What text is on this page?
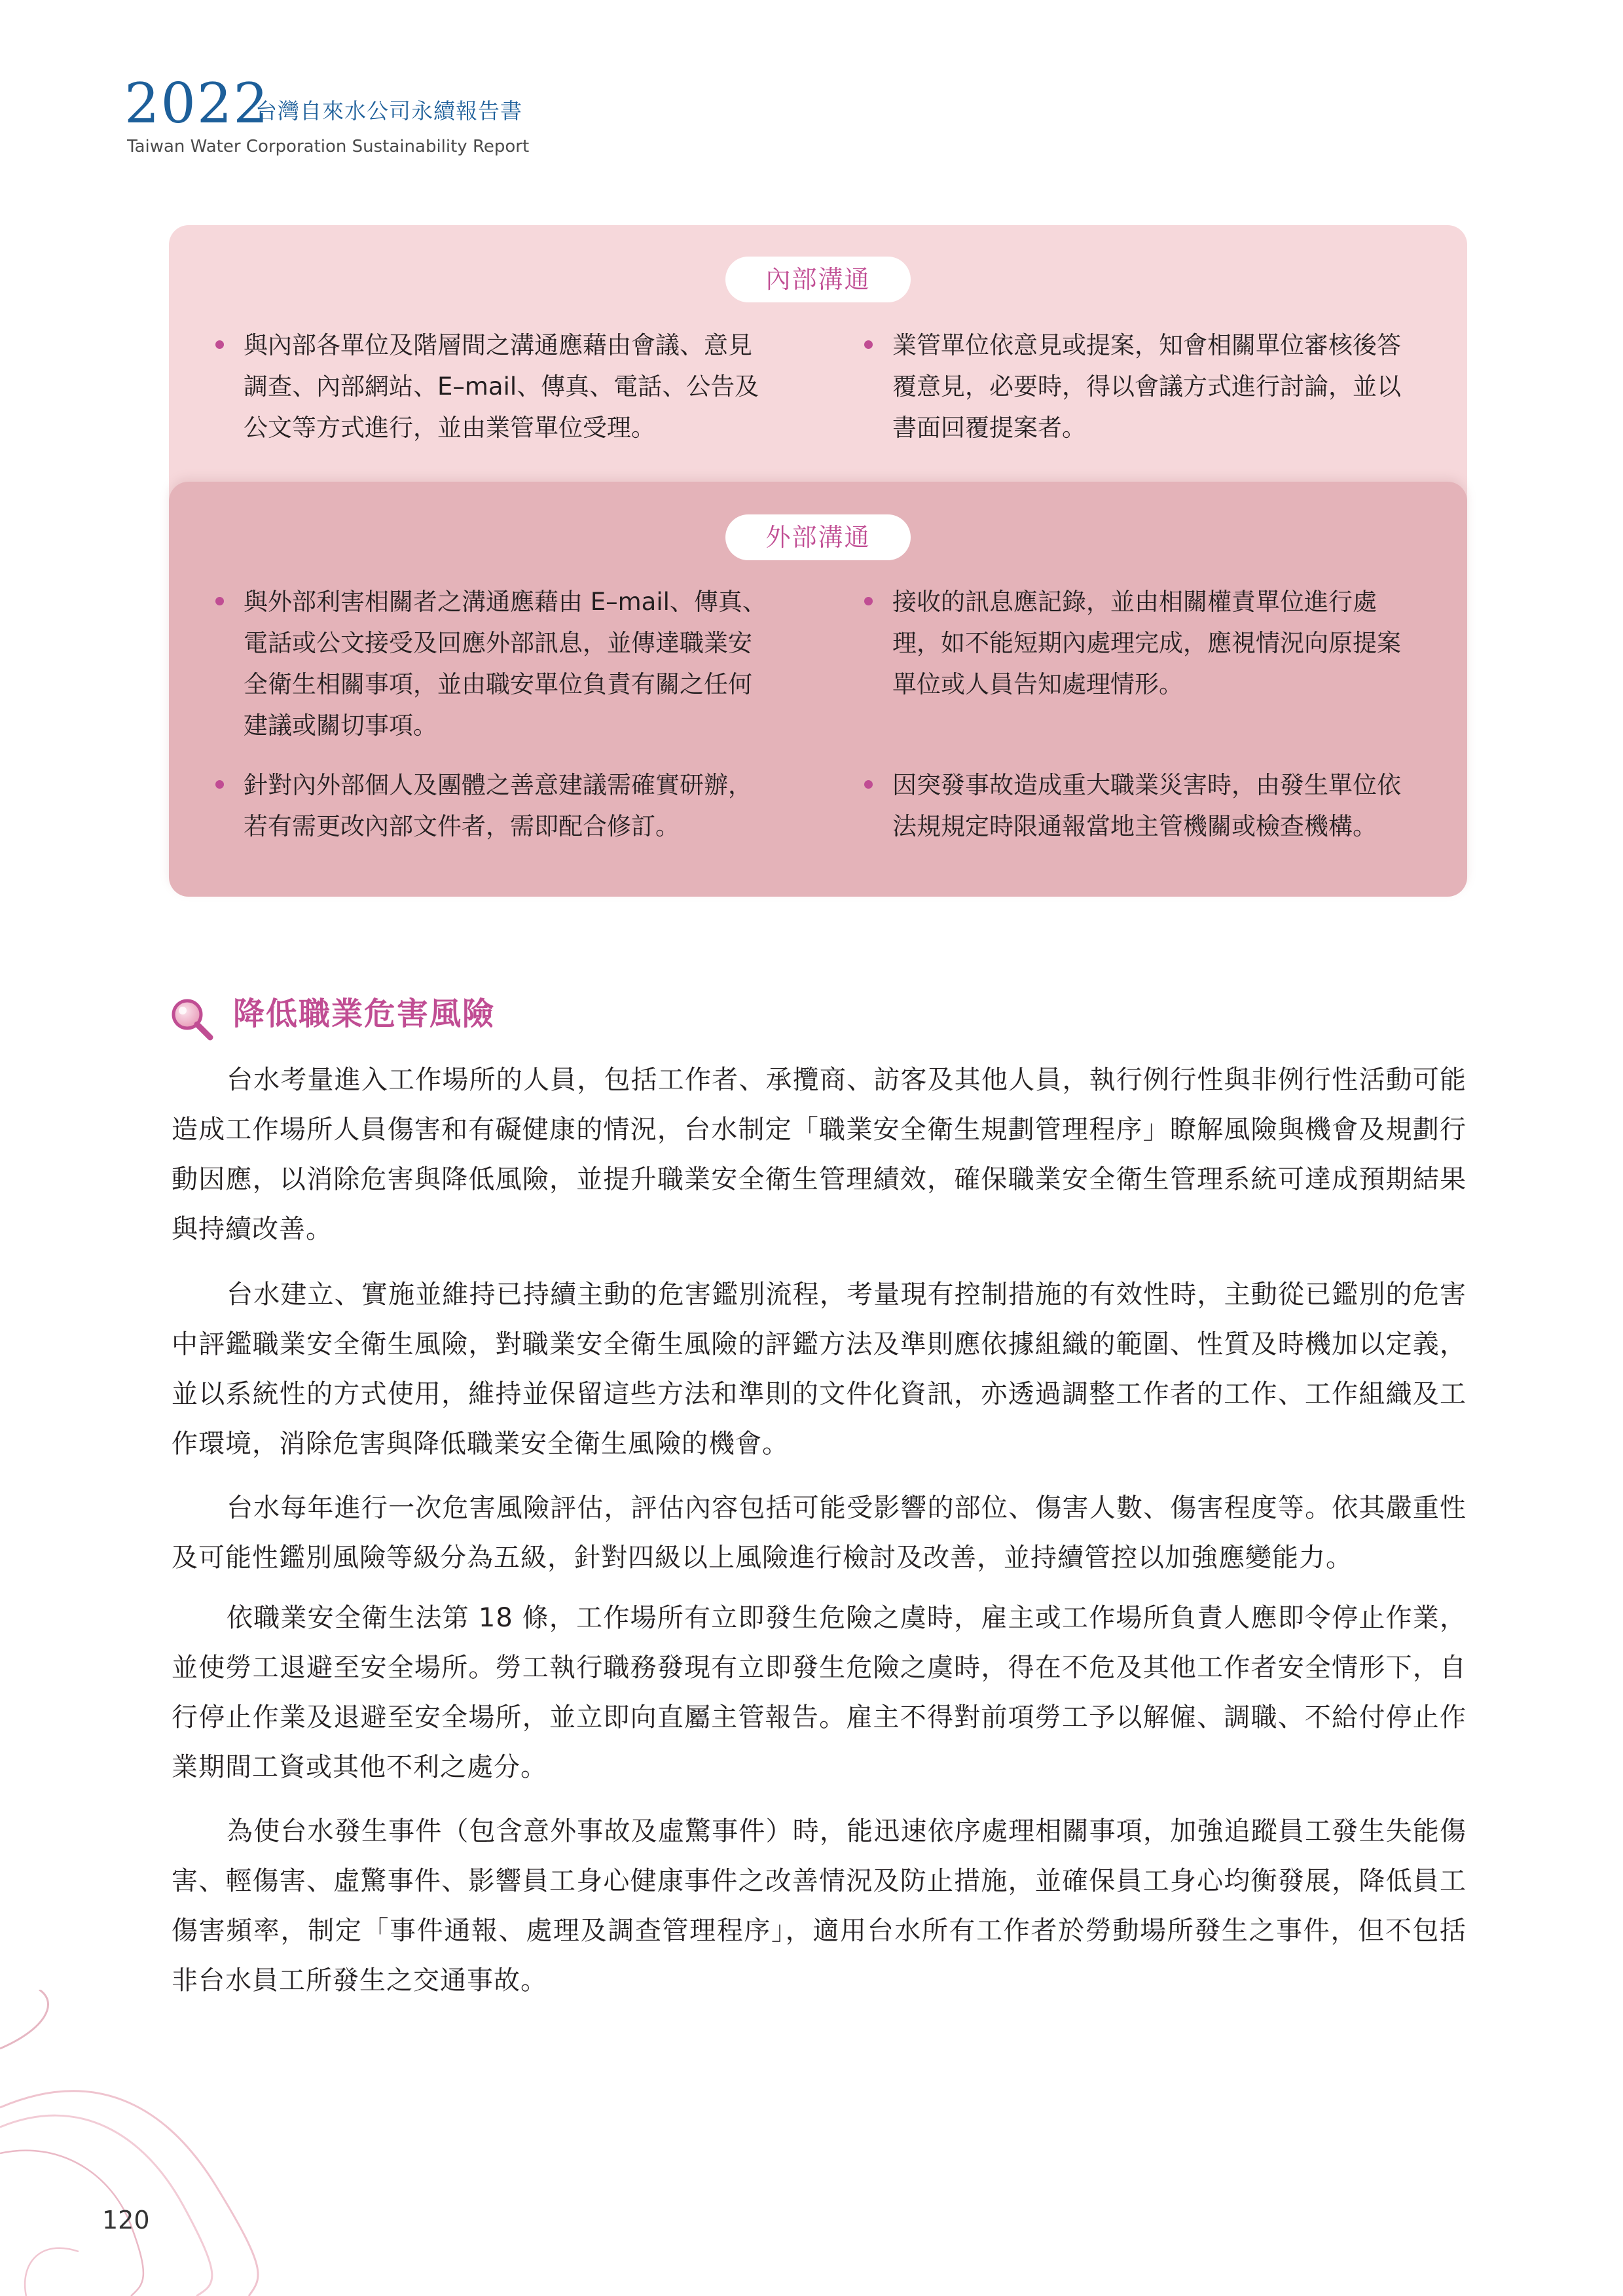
2022
台灣自來水公司永續報告書
Taiwan Water Corporation Sustainability Report
內部溝通
與內部各單位及階層間之溝通應藉由會議、意見調查、內部網站、E–mail、傳真、電話、公告及公文等方式進行，並由業管單位受理。
業管單位依意見或提案，知會相關單位審核後答覆意見，必要時，得以會議方式進行討論，並以書面回覆提案者。
外部溝通
與外部利害相關者之溝通應藉由 E–mail、傳真、電話或公文接受及回應外部訊息，並傳達職業安全衛生相關事項，並由職安單位負責有關之任何建議或關切事項。
接收的訊息應記錄，並由相關權責單位進行處理，如不能短期內處理完成，應視情況向原提案單位或人員告知處理情形。
針對內外部個人及團體之善意建議需確實研辦，若有需更改內部文件者，需即配合修訂。
因突發事故造成重大職業災害時，由發生單位依法規規定時限通報當地主管機關或檢查機構。
降低職業危害風險

台水考量進入工作場所的人員，包括工作者、承攬商、訪客及其他人員，執行例行性與非例行性活動可能造成工作場所人員傷害和有礙健康的情況，台水制定「職業安全衛生規劃管理程序」瞭解風險與機會及規劃行動因應，以消除危害與降低風險，並提升職業安全衛生管理績效，確保職業安全衛生管理系統可達成預期結果與持續改善。

台水建立、實施並維持已持續主動的危害鑑別流程，考量現有控制措施的有效性時，主動從已鑑別的危害中評鑑職業安全衛生風險，對職業安全衛生風險的評鑑方法及準則應依據組織的範圍、性質及時機加以定義，並以系統性的方式使用，維持並保留這些方法和準則的文件化資訊，亦透過調整工作者的工作、工作組織及工作環境，消除危害與降低職業安全衛生風險的機會。

台水每年進行一次危害風險評估，評估內容包括可能受影響的部位、傷害人數、傷害程度等。依其嚴重性及可能性鑑別風險等級分為五級，針對四級以上風險進行檢討及改善，並持續管控以加強應變能力。

依職業安全衛生法第 18 條，工作場所有立即發生危險之虞時，雇主或工作場所負責人應即令停止作業，並使勞工退避至安全場所。勞工執行職務發現有立即發生危險之虞時，得在不危及其他工作者安全情形下，自行停止作業及退避至安全場所，並立即向直屬主管報告。雇主不得對前項勞工予以解僱、調職、不給付停止作業期間工資或其他不利之處分。

為使台水發生事件（包含意外事故及虛驚事件）時，能迅速依序處理相關事項，加強追蹤員工發生失能傷害、輕傷害、虛驚事件、影響員工身心健康事件之改善情況及防止措施，並確保員工身心均衡發展，降低員工傷害頻率，制定「事件通報、處理及調查管理程序」，適用台水所有工作者於勞動場所發生之事件，但不包括非台水員工所發生之交通事故。

120
